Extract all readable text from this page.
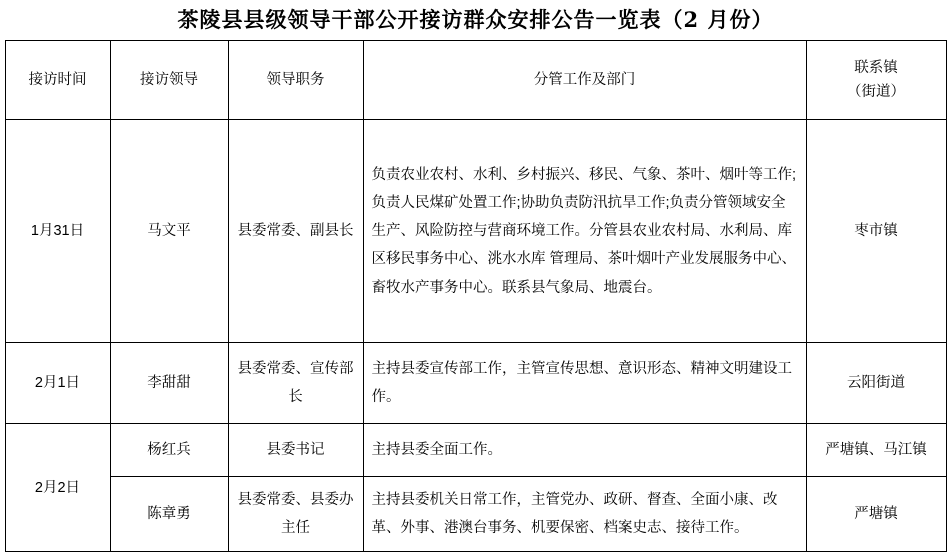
茶陵县县级领导干部公开接访群众安排公告一览表（2 月份）
接访时间	接访领导	领导职务	分管工作及部门	联系镇
（街道）

1月31日	马文平	县委常委、副县长	负责农业农村、水利、乡村振兴、移民、气象、茶叶、烟叶等工作;负责人民煤矿处置工作;协助负责防汛抗旱工作;负责分管领域安全生产、风险防控与营商环境工作。分管县农业农村局、水利局、库区移民事务中心、洮水水库 管理局、茶叶烟叶产业发展服务中心、畜牧水产事务中心。联系县气象局、地震台。	枣市镇
2月1日	李甜甜	县委常委、宣传部长	主持县委宣传部工作，主管宣传思想、意识形态、精神文明建设工作。	云阳街道
2月2日	杨红兵	县委书记	主持县委全面工作。	严塘镇、马江镇
	陈章勇	县委常委、县委办主任	主持县委机关日常工作，主管党办、政研、督查、全面小康、改革、外事、港澳台事务、机要保密、档案史志、接待工作。	严塘镇
